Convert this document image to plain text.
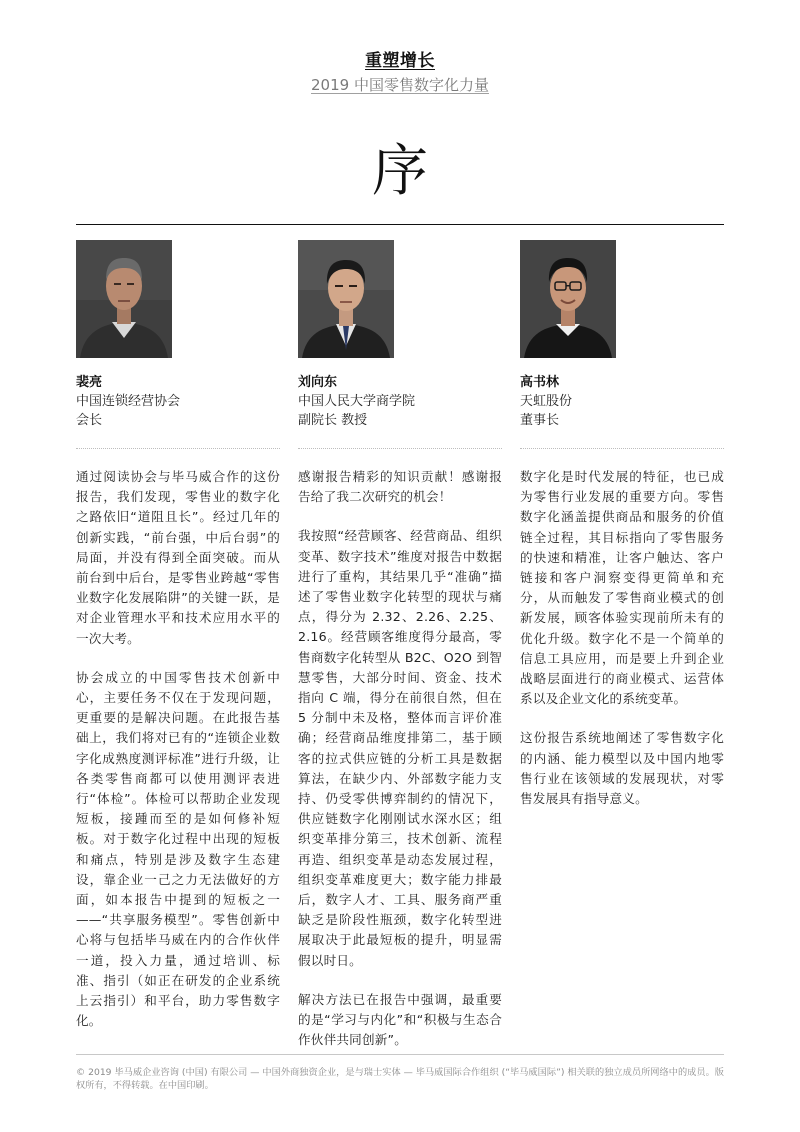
重塑增长
2019 中国零售数字化力量
序
裴亮
中国连锁经营协会
会长

通过阅读协会与毕马威合作的这份报告，我们发现，零售业的数字化之路依旧“道阻且长”。经过几年的创新实践，“前台强，中后台弱”的局面，并没有得到全面突破。而从前台到中后台，是零售业跨越“零售业数字化发展陷阱”的关键一跃，是对企业管理水平和技术应用水平的一次大考。

协会成立的中国零售技术创新中心，主要任务不仅在于发现问题，更重要的是解决问题。在此报告基础上，我们将对已有的“连锁企业数字化成熟度测评标准”进行升级，让各类零售商都可以使用测评表进行“体检”。体检可以帮助企业发现短板，接踵而至的是如何修补短板。对于数字化过程中出现的短板和痛点，特别是涉及数字生态建设，靠企业一己之力无法做好的方面，如本报告中提到的短板之一——“共享服务模型”。零售创新中心将与包括毕马威在内的合作伙伴一道，投入力量，通过培训、标准、指引（如正在研发的企业系统上云指引）和平台，助力零售数字化。

刘向东
中国人民大学商学院
副院长 教授

感谢报告精彩的知识贡献！感谢报告给了我二次研究的机会！

我按照“经营顾客、经营商品、组织变革、数字技术”维度对报告中数据进行了重构，其结果几乎“准确”描述了零售业数字化转型的现状与痛点，得分为 2.32、2.26、2.25、2.16。经营顾客维度得分最高，零售商数字化转型从 B2C、O2O 到智慧零售，大部分时间、资金、技术指向 C 端，得分在前很自然，但在 5 分制中未及格，整体而言评价准确；经营商品维度排第二，基于顾客的拉式供应链的分析工具是数据算法，在缺少内、外部数字能力支持、仍受零供博弈制约的情况下，供应链数字化刚刚试水深水区；组织变革排分第三，技术创新、流程再造、组织变革是动态发展过程，组织变革难度更大；数字能力排最后，数字人才、工具、服务商严重缺乏是阶段性瓶颈，数字化转型进展取决于此最短板的提升，明显需假以时日。

解决方法已在报告中强调，最重要的是“学习与内化”和“积极与生态合作伙伴共同创新”。

高书林
天虹股份
董事长

数字化是时代发展的特征，也已成为零售行业发展的重要方向。零售数字化涵盖提供商品和服务的价值链全过程，其目标指向了零售服务的快速和精准，让客户触达、客户链接和客户洞察变得更简单和充分，从而触发了零售商业模式的创新发展，顾客体验实现前所未有的优化升级。数字化不是一个简单的信息工具应用，而是要上升到企业战略层面进行的商业模式、运营体系以及企业文化的系统变革。

这份报告系统地阐述了零售数字化的内涵、能力模型以及中国内地零售行业在该领域的发展现状，对零售发展具有指导意义。

© 2019 毕马威企业咨询 (中国) 有限公司 — 中国外商独资企业，是与瑞士实体 — 毕马威国际合作组织 (“毕马威国际”) 相关联的独立成员所网络中的成员。版权所有，不得转载。在中国印刷。
